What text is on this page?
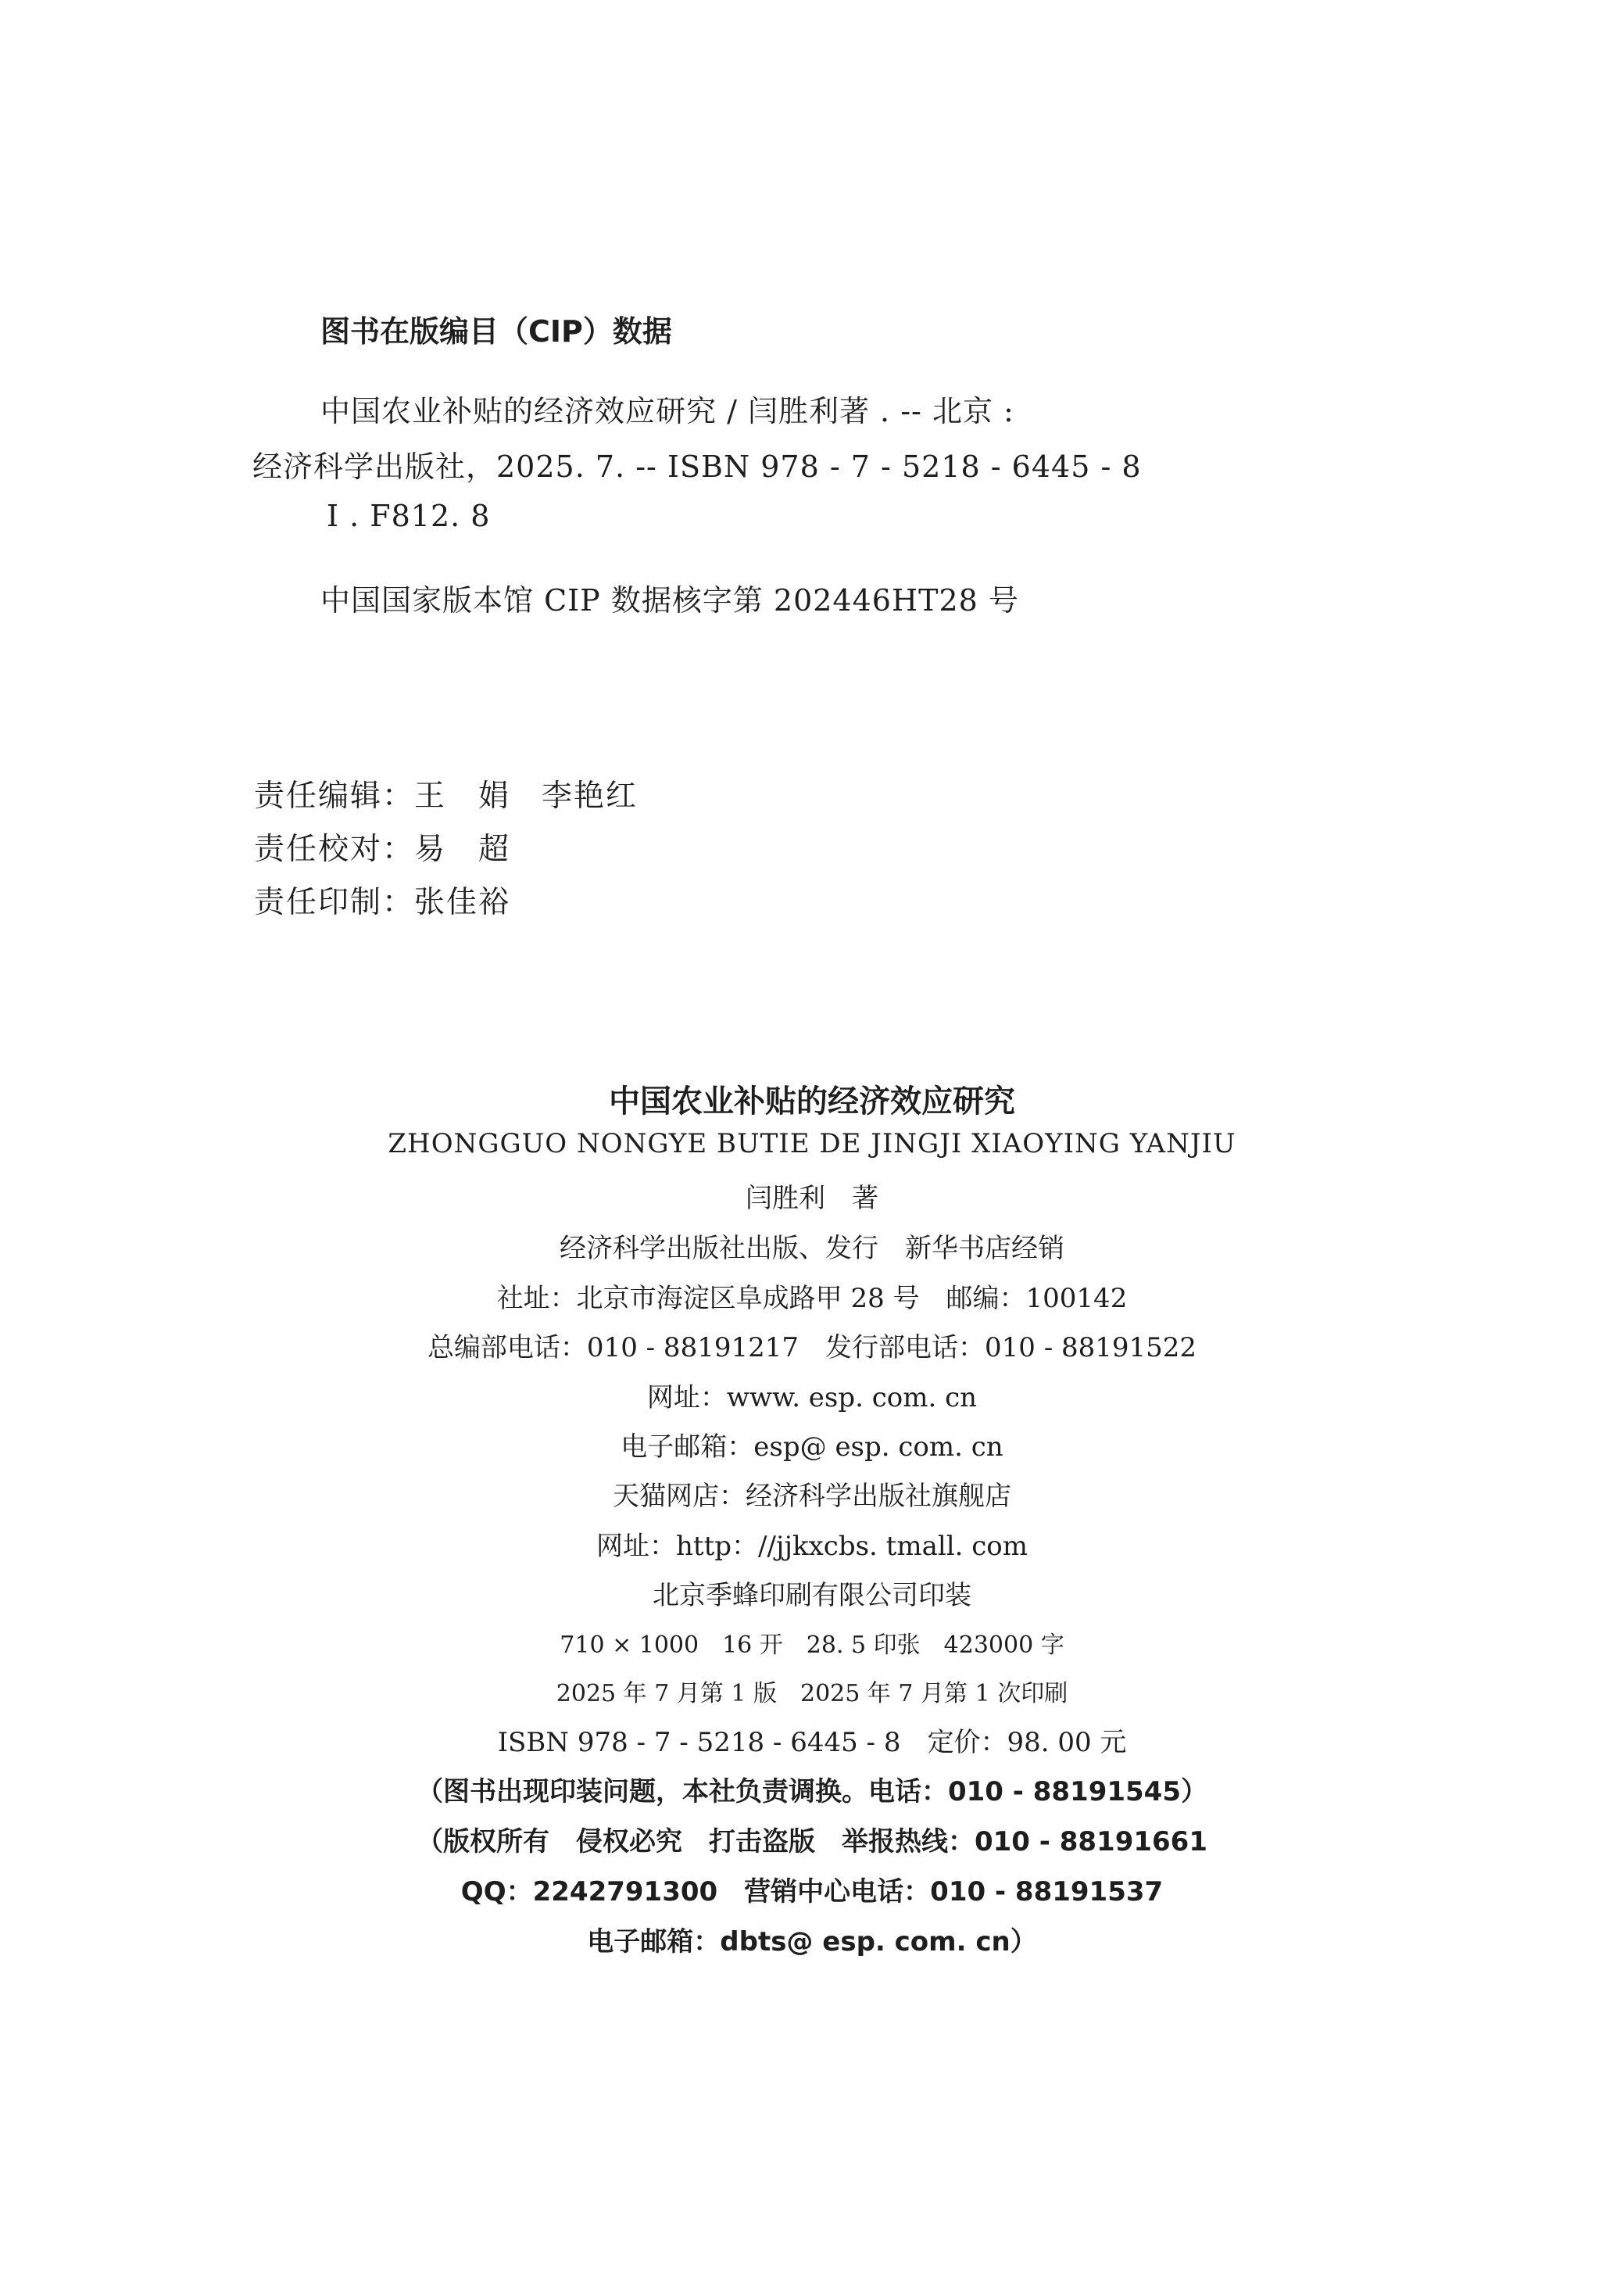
图书在版编目（CIP）数据
中国农业补贴的经济效应研究 / 闫胜利著 . -- 北京 :
经济科学出版社，2025. 7. -- ISBN 978 - 7 - 5218 - 6445 - 8
Ⅰ . F812. 8
中国国家版本馆 CIP 数据核字第 202446HT28 号
责任编辑：王　娟 李艳红
责任校对：易　超
责任印制：张佳裕
中国农业补贴的经济效应研究
ZHONGGUO NONGYE BUTIE DE JINGJI XIAOYING YANJIU
闫胜利　著
经济科学出版社出版、发行　新华书店经销
社址：北京市海淀区阜成路甲 28 号　邮编：100142
总编部电话：010 - 88191217　发行部电话：010 - 88191522
网址：www. esp. com. cn
电子邮箱：esp@ esp. com. cn
天猫网店：经济科学出版社旗舰店
网址：http：//jjkxcbs. tmall. com
北京季蜂印刷有限公司印装
710 × 1000　16 开　28. 5 印张　423000 字
2025 年 7 月第 1 版　2025 年 7 月第 1 次印刷
ISBN 978 - 7 - 5218 - 6445 - 8　定价：98. 00 元
（图书出现印装问题，本社负责调换。电话：010 - 88191545）
（版权所有　侵权必究　打击盗版　举报热线：010 - 88191661
QQ：2242791300　营销中心电话：010 - 88191537
电子邮箱：dbts@ esp. com. cn）
